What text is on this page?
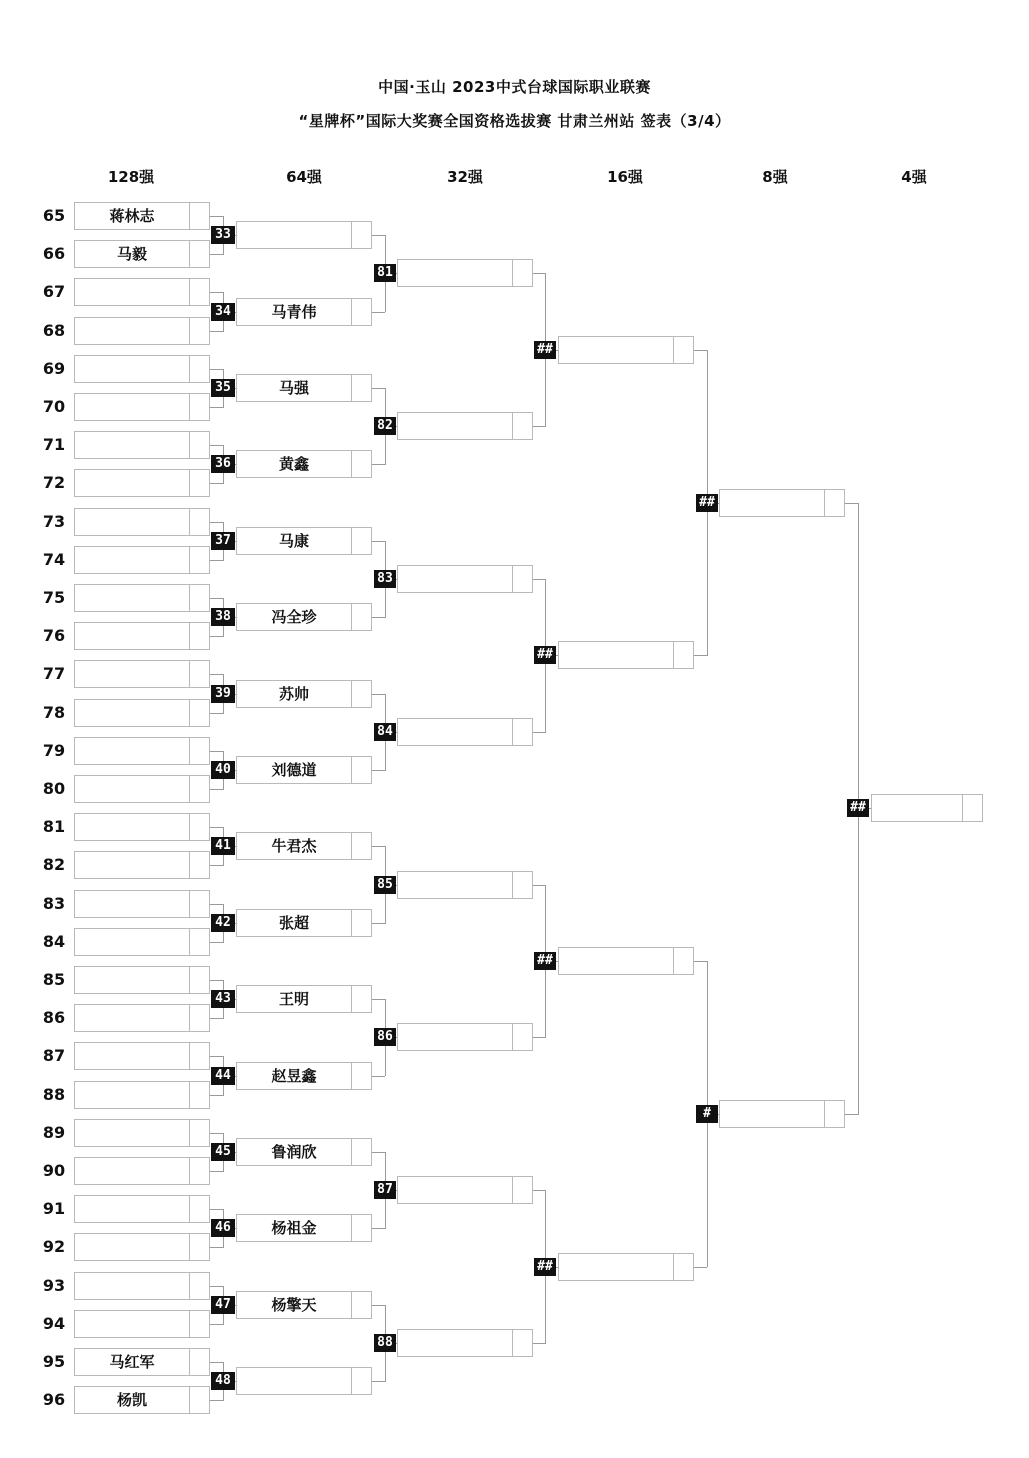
中国·玉山 2023中式台球国际职业联赛
“星牌杯”国际大奖赛全国资格选拔赛 甘肃兰州站 签表（3/4）
128强	64强	32强	16强	8强	4强
65	蒋林志
66	马毅
67
68
69
70
71
72
73
74
75
76
77
78
79
80
81
82
83
84
85
86
87
88
89
90
91
92
93
94
95	马红军
96	杨凯
33
马青伟
34
马强
35
黄鑫
36
马康
37
冯全珍
38
苏帅
39
刘德道
40
牛君杰
41
张超
42
王明
43
赵昱鑫
44
鲁润欣
45
杨祖金
46
杨擎天
47
48
81
82
83
84
85
86
87
88
##
##
##
##
##
#
##
